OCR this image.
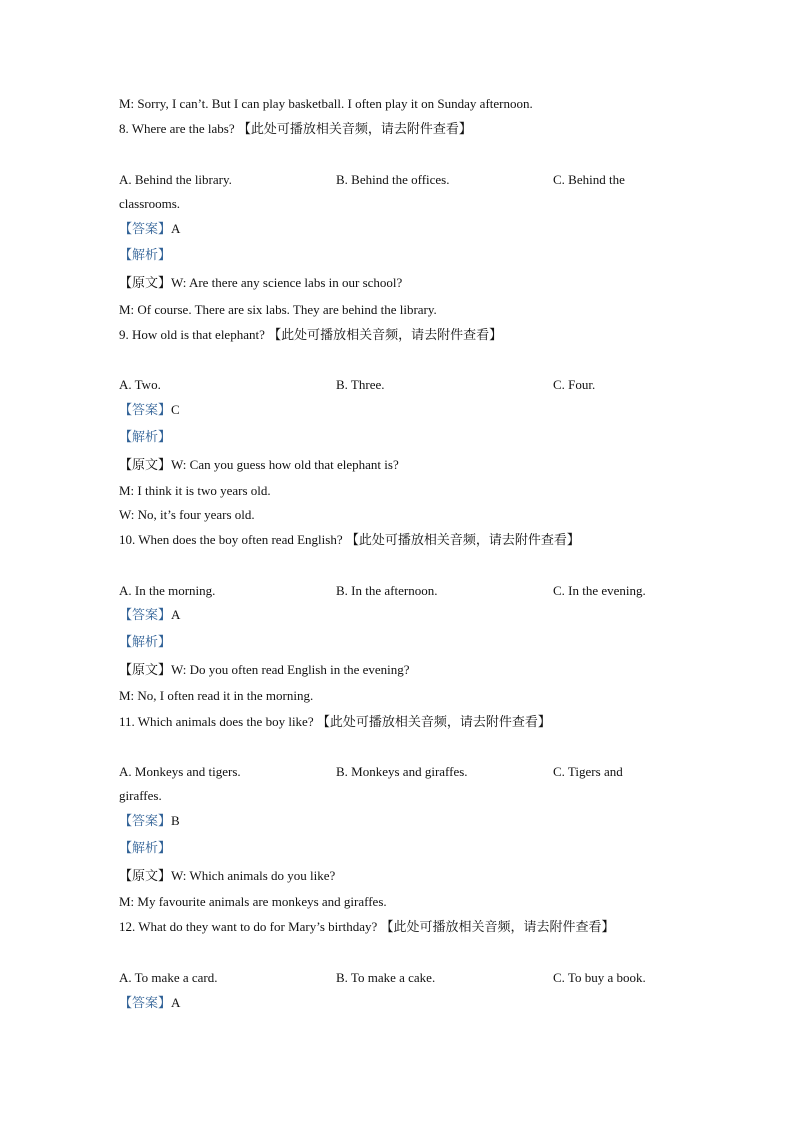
M: Sorry, I can’t. But I can play basketball. I often play it on Sunday afternoon.
8. Where are the labs? 【此处可播放相关音频，请去附件查看】
A. Behind the library.	B. Behind the offices.	C. Behind the
classrooms.
【答案】A
【解析】
【原文】W: Are there any science labs in our school?
M: Of course. There are six labs. They are behind the library.
9. How old is that elephant? 【此处可播放相关音频，请去附件查看】
A. Two.	B. Three.	C. Four.
【答案】C
【解析】
【原文】W: Can you guess how old that elephant is?
M: I think it is two years old.
W: No, it’s four years old.
10. When does the boy often read English? 【此处可播放相关音频，请去附件查看】
A. In the morning.	B. In the afternoon.	C. In the evening.
【答案】A
【解析】
【原文】W: Do you often read English in the evening?
M: No, I often read it in the morning.
11. Which animals does the boy like? 【此处可播放相关音频，请去附件查看】
A. Monkeys and tigers.	B. Monkeys and giraffes.	C. Tigers and
giraffes.
【答案】B
【解析】
【原文】W: Which animals do you like?
M: My favourite animals are monkeys and giraffes.
12. What do they want to do for Mary’s birthday? 【此处可播放相关音频，请去附件查看】
A. To make a card.	B. To make a cake.	C. To buy a book.
【答案】A
